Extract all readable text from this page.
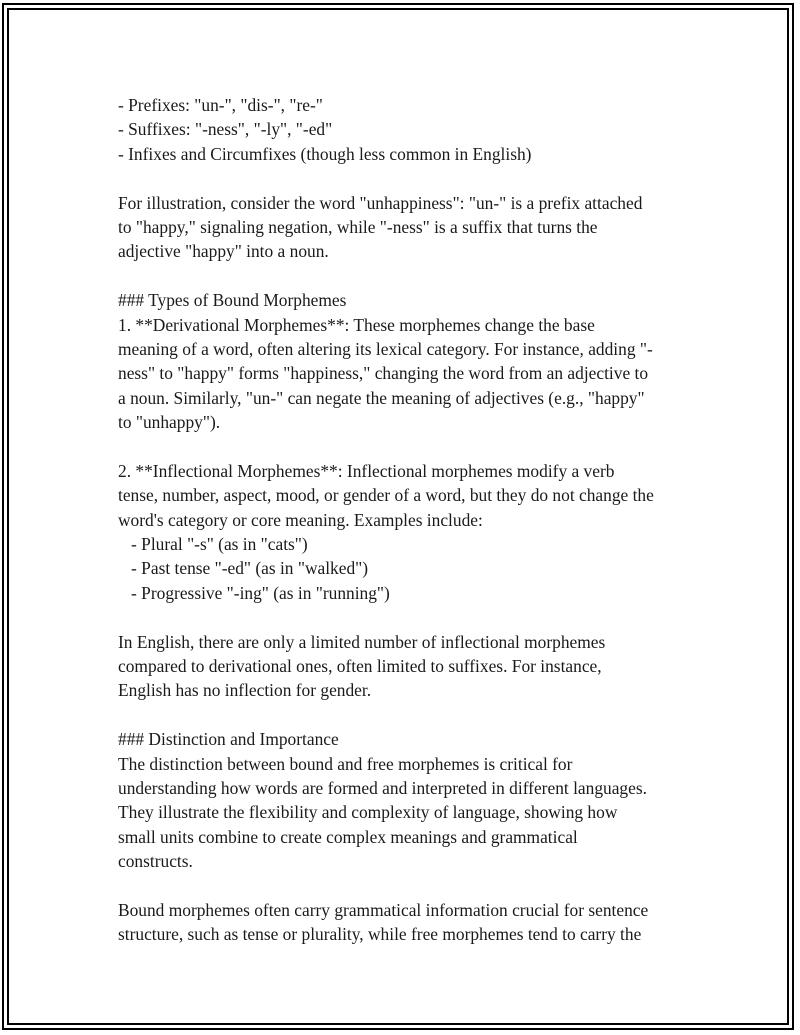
- Prefixes: "un-", "dis-", "re-"
- Suffixes: "-ness", "-ly", "-ed"
- Infixes and Circumfixes (though less common in English)
For illustration, consider the word "unhappiness": "un-" is a prefix attached
to "happy," signaling negation, while "-ness" is a suffix that turns the
adjective "happy" into a noun.
### Types of Bound Morphemes
1. **Derivational Morphemes**: These morphemes change the base
meaning of a word, often altering its lexical category. For instance, adding "-
ness" to "happy" forms "happiness," changing the word from an adjective to
a noun. Similarly, "un-" can negate the meaning of adjectives (e.g., "happy"
to "unhappy").
2. **Inflectional Morphemes**: Inflectional morphemes modify a verb
tense, number, aspect, mood, or gender of a word, but they do not change the
word's category or core meaning. Examples include:
- Plural "-s" (as in "cats")
- Past tense "-ed" (as in "walked")
- Progressive "-ing" (as in "running")
In English, there are only a limited number of inflectional morphemes
compared to derivational ones, often limited to suffixes. For instance,
English has no inflection for gender.
### Distinction and Importance
The distinction between bound and free morphemes is critical for
understanding how words are formed and interpreted in different languages.
They illustrate the flexibility and complexity of language, showing how
small units combine to create complex meanings and grammatical
constructs.
Bound morphemes often carry grammatical information crucial for sentence
structure, such as tense or plurality, while free morphemes tend to carry the
